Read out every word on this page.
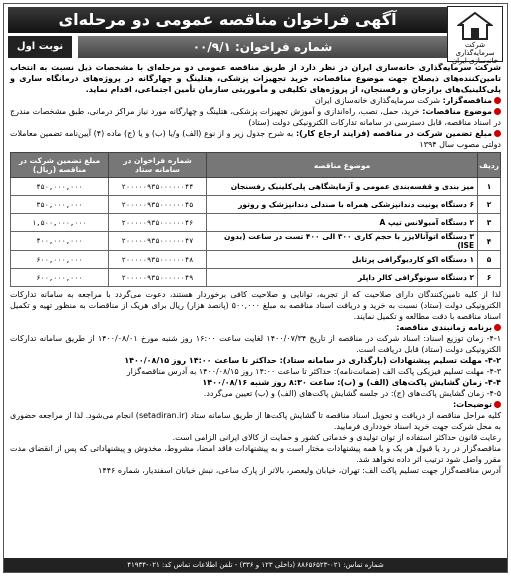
شرکت سرمایه‌گذاری خانه‌سازی ایران
آگهی فراخوان مناقصه عمومی دو مرحله‌ای
شماره فراخوان: ۰۰/۹/۱
نوبت اول
شرکت سرمایه‌گذاری خانه‌سازی ایران در نظر دارد از طریق مناقصه عمومی دو مرحله‌ای با مشخصات ذیل نسبت به انتخاب تامین‌کننده‌های ذیصلاح جهت موضوع مناقصات، خرید تجهیزات پزشکی، هتلینگ و چهارگانه در پروژه‌های درمانگاه ساری و پلی‌کلینیک‌های برازجان و رفسنجان، از پروژه‌های تکلیفی و مأموریتی سازمان تأمین اجتماعی، اقدام نماید.
مناقصه‌گزار: شرکت سرمایه‌گذاری خانه‌سازی ایران
موضوع مناقصات: خرید، حمل، نصب، راه‌اندازی و آموزش تجهیزات پزشکی، هتلینگ و چهارگانه مورد نیاز مراکز درمانی، طبق مشخصات مندرج در اسناد مناقصه، قابل دسترسی در سامانه تدارکات الکترونیکی دولت (ستاد)
مبلغ تضمین شرکت در مناقصه (فرایند ارجاع کار): به شرح جدول زیر و از نوع (الف) و/یا (ب) و یا (ج) ماده (۴) آیین‌نامه تضمین معاملات دولتی مصوب سال ۱۳۹۴
ردیف	موضوع مناقصه	شماره فراخوان در سامانه ستاد	مبلغ تضمین شرکت در مناقصه (ریال)
۱	میز بندی و قفسه‌بندی عمومی و آزمایشگاهی پلی‌کلینیک رفسنجان	۲۰۰۰۰۰۹۳۵۰۰۰۰۰۰۴۴	۴۵۰,۰۰۰,۰۰۰
۲	۶ دستگاه یونیت دندانپزشکی همراه با صندلی دندانپزشک و روتور	۲۰۰۰۰۰۹۳۵۰۰۰۰۰۰۴۵	۳۵۰,۰۰۰,۰۰۰
۳	۲ دستگاه آمبولانس تیپ A	۲۰۰۰۰۰۹۳۵۰۰۰۰۰۰۴۶	۱,۵۰۰,۰۰۰,۰۰۰
۴	۳ دستگاه اتوآنالایزر با حجم کاری ۳۰۰ الی ۴۰۰ تست در ساعت (بدون ISE)	۲۰۰۰۰۰۹۳۵۰۰۰۰۰۰۴۷	۴۰۰,۰۰۰,۰۰۰
۵	۱ دستگاه اکو کاردیوگرافی پرتابل	۲۰۰۰۰۰۹۳۵۰۰۰۰۰۰۴۸	۶۰۰,۰۰۰,۰۰۰
۶	۲ دستگاه سونوگرافی کالر داپلر	۲۰۰۰۰۰۹۳۵۰۰۰۰۰۰۴۹	۶۰۰,۰۰۰,۰۰۰
لذا از کلیه تامین‌کنندگان دارای صلاحیت که از تجربه، توانایی و صلاحیت کافی برخوردار هستند، دعوت می‌گردد با مراجعه به سامانه تدارکات الکترونیکی دولت (ستاد) نسبت به خرید و دریافت اسناد مناقصه به مبلغ ۵۰۰,۰۰۰ (پانصد هزار) ریال برای هریک از مناقصات به منظور تهیه و تکمیل اسناد مناقصه با دقت مطالعه و تکمیل نمایند.
برنامه زمانبندی مناقصه:
۴-۱- زمان توزیع اسناد: اسناد شرکت در مناقصه از تاریخ ۱۴۰۰/۰۷/۳۴ لغایت ساعت ۱۶:۰۰ روز شنبه مورخ ۱۴۰۰/۰۸/۰۱ از طریق سامانه تدارکات الکترونیکی دولت (ستاد) قابل دریافت است.
۴-۲- مهلت تسلیم پیشنهادات (بارگذاری در سامانه ستاد): حداکثر تا ساعت ۱۴:۰۰ روز ۱۴۰۰/۰۸/۱۵
۴-۳- مهلت تسلیم فیزیکی پاکت الف (ضمانت‌نامه): حداکثر تا ساعت ۱۴:۰۰ روز ۱۴۰۰/۰۸/۱۵ به آدرس مناقصه‌گزار
۴-۴- زمان گشایش پاکت‌های (الف) و (ب): ساعت ۸:۳۰ روز شنبه ۱۴۰۰/۰۸/۱۶
۴-۵- زمان گشایش پاکت‌های (ج): در جلسه گشایش پاکت‌های (الف) و (ب) تعیین می‌گردد.
توضیحات:
کلیه مراحل مناقصه از دریافت و تحویل اسناد مناقصه تا گشایش پاکت‌ها از طریق سامانه ستاد (setadiran.ir) انجام می‌شود. لذا از مراجعه حضوری به محل شرکت جهت خرید اسناد خودداری فرمایید.
رعایت قانون حداکثر استفاده از توان تولیدی و خدماتی کشور و حمایت از کالای ایرانی الزامی است.
مناقصه‌گزار در رد یا قبول هر یک و یا همه پیشنهادات مختار است و به پیشنهادات فاقد امضا، مشروط، مخدوش و پیشنهاداتی که پس از انقضای مدت مقرر واصل شود ترتیب اثر داده نخواهد شد.
آدرس مناقصه‌گزار جهت تسلیم پاکت الف: تهران، خیابان ولیعصر، بالاتر از پارک ساعی، نبش خیابان اسفندیار، شماره ۱۴۴۶
شماره تماس: ۰۲۱-۸۸۶۵۶۵۲۳ (داخلی ۱۲۳ و ۳۳۶) - تلفن اطلاعات تماس کد: ۰۲۱-۴۱۹۳۴
